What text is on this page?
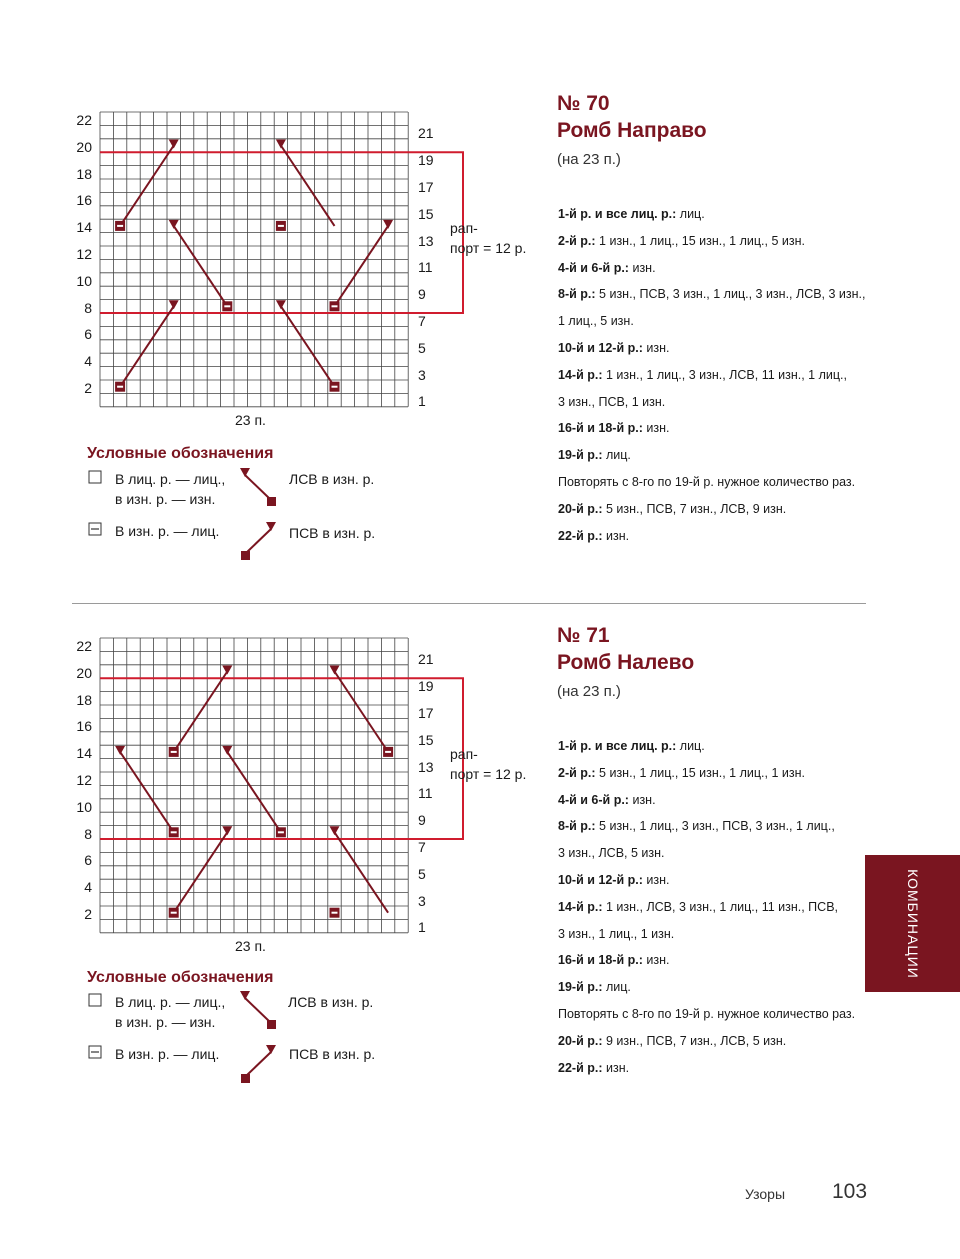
№ 70
Ромб Направо
(на 23 п.)
22
20
18
16
14
12
10
8
6
4
2
21
19
17
15
13
11
9
7
5
3
1
23 п.
рап-
порт = 12 р.
Условные обозначения
В лиц. р. — лиц.,
в изн. р. — изн.
В изн. р. — лиц.
ЛСВ в изн. р.
ПСВ в изн. р.
1-й р. и все лиц. р.: лиц.
2-й р.: 1 изн., 1 лиц., 15 изн., 1 лиц., 5 изн.
4-й и 6-й р.: изн.
8-й р.: 5 изн., ПСВ, 3 изн., 1 лиц., 3 изн., ЛСВ, 3 изн.,
1 лиц., 5 изн.
10-й и 12-й р.: изн.
14-й р.: 1 изн., 1 лиц., 3 изн., ЛСВ, 11 изн., 1 лиц.,
3 изн., ПСВ, 1 изн.
16-й и 18-й р.: изн.
19-й р.: лиц.
Повторять с 8-го по 19-й р. нужное количество раз.
20-й р.: 5 изн., ПСВ, 7 изн., ЛСВ, 9 изн.
22-й р.: изн.
№ 71
Ромб Налево
(на 23 п.)
22
20
18
16
14
12
10
8
6
4
2
21
19
17
15
13
11
9
7
5
3
1
23 п.
рап-
порт = 12 р.
Условные обозначения
В лиц. р. — лиц.,
в изн. р. — изн.
В изн. р. — лиц.
ЛСВ в изн. р.
ПСВ в изн. р.
1-й р. и все лиц. р.: лиц.
2-й р.: 5 изн., 1 лиц., 15 изн., 1 лиц., 1 изн.
4-й и 6-й р.: изн.
8-й р.: 5 изн., 1 лиц., 3 изн., ПСВ, 3 изн., 1 лиц.,
3 изн., ЛСВ, 5 изн.
10-й и 12-й р.: изн.
14-й р.: 1 изн., ЛСВ, 3 изн., 1 лиц., 11 изн., ПСВ,
3 изн., 1 лиц., 1 изн.
16-й и 18-й р.: изн.
19-й р.: лиц.
Повторять с 8-го по 19-й р. нужное количество раз.
20-й р.: 9 изн., ПСВ, 7 изн., ЛСВ, 5 изн.
22-й р.: изн.
КОМБИНАЦИИ
Узоры 103
